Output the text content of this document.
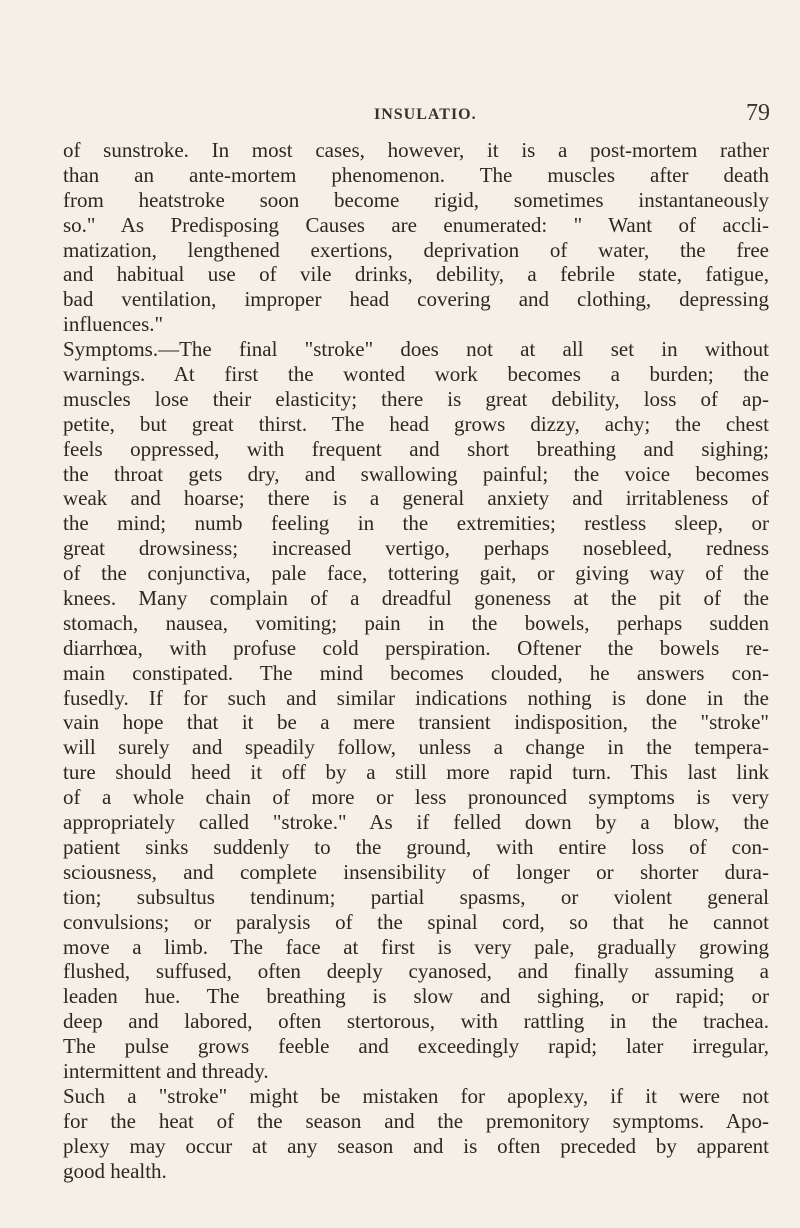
INSULATIO.	79
of sunstroke. In most cases, however, it is a post-mortem rather
than an ante-mortem phenomenon. The muscles after death
from heatstroke soon become rigid, sometimes instantaneously
so." As Predisposing Causes are enumerated: " Want of accli-
matization, lengthened exertions, deprivation of water, the free
and habitual use of vile drinks, debility, a febrile state, fatigue,
bad ventilation, improper head covering and clothing, depressing
influences."
Symptoms.—The final "stroke" does not at all set in without
warnings. At first the wonted work becomes a burden; the
muscles lose their elasticity; there is great debility, loss of ap-
petite, but great thirst. The head grows dizzy, achy; the chest
feels oppressed, with frequent and short breathing and sighing;
the throat gets dry, and swallowing painful; the voice becomes
weak and hoarse; there is a general anxiety and irritableness of
the mind; numb feeling in the extremities; restless sleep, or
great drowsiness; increased vertigo, perhaps nosebleed, redness
of the conjunctiva, pale face, tottering gait, or giving way of the
knees. Many complain of a dreadful goneness at the pit of the
stomach, nausea, vomiting; pain in the bowels, perhaps sudden
diarrhœa, with profuse cold perspiration. Oftener the bowels re-
main constipated. The mind becomes clouded, he answers con-
fusedly. If for such and similar indications nothing is done in the
vain hope that it be a mere transient indisposition, the "stroke"
will surely and speadily follow, unless a change in the tempera-
ture should heed it off by a still more rapid turn. This last link
of a whole chain of more or less pronounced symptoms is very
appropriately called "stroke." As if felled down by a blow, the
patient sinks suddenly to the ground, with entire loss of con-
sciousness, and complete insensibility of longer or shorter dura-
tion; subsultus tendinum; partial spasms, or violent general
convulsions; or paralysis of the spinal cord, so that he cannot
move a limb. The face at first is very pale, gradually growing
flushed, suffused, often deeply cyanosed, and finally assuming a
leaden hue. The breathing is slow and sighing, or rapid; or
deep and labored, often stertorous, with rattling in the trachea.
The pulse grows feeble and exceedingly rapid; later irregular,
intermittent and thready.
Such a "stroke" might be mistaken for apoplexy, if it were not
for the heat of the season and the premonitory symptoms. Apo-
plexy may occur at any season and is often preceded by apparent
good health.
